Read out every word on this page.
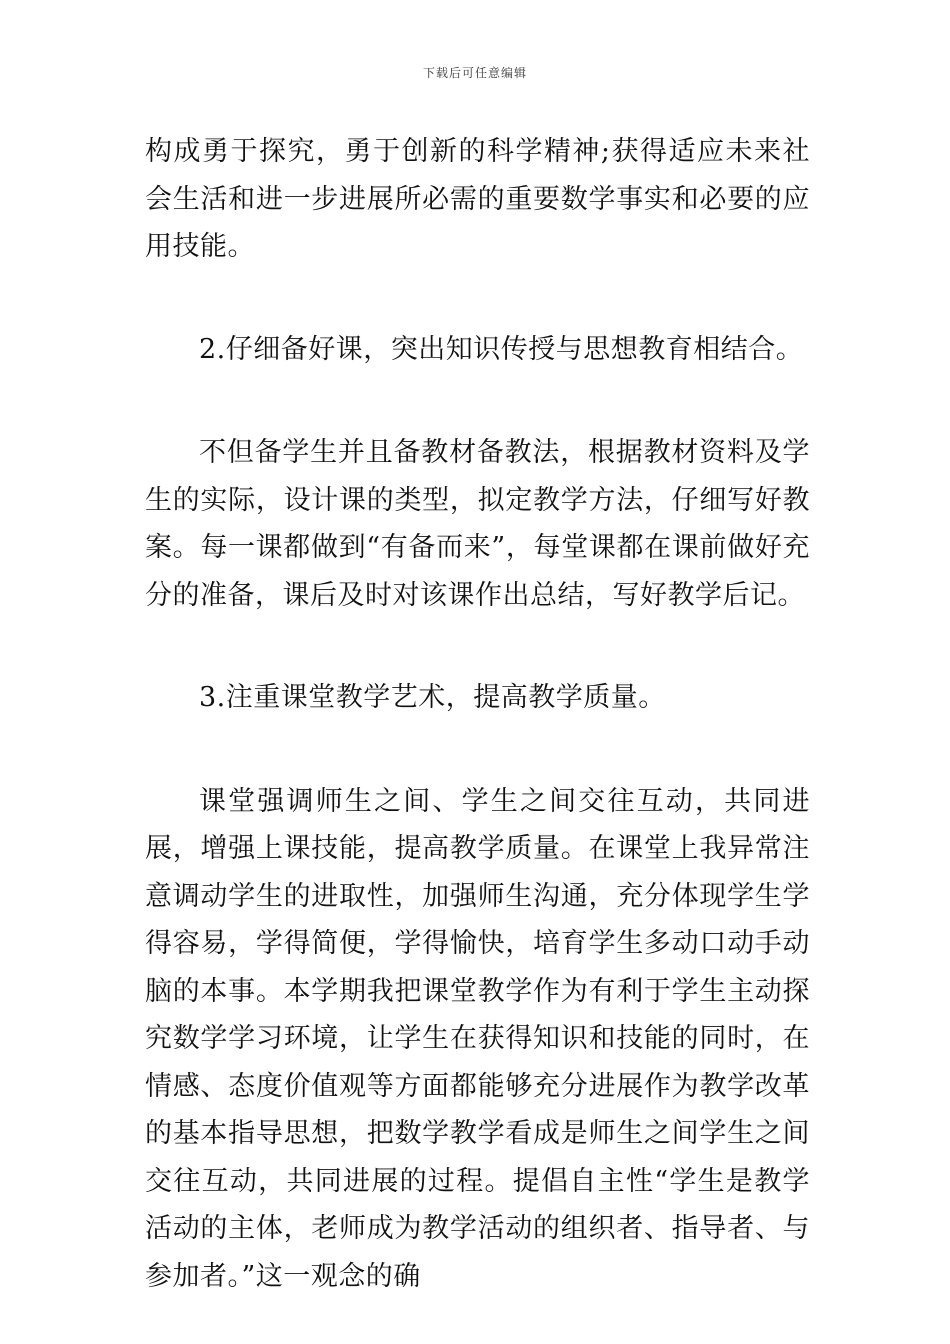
下载后可任意编辑

构成勇于探究，勇于创新的科学精神;获得适应未来社会生活和进一步进展所必需的重要数学事实和必要的应用技能。

2.仔细备好课，突出知识传授与思想教育相结合。

不但备学生并且备教材备教法，根据教材资料及学生的实际，设计课的类型，拟定教学方法，仔细写好教案。每一课都做到“有备而来”，每堂课都在课前做好充分的准备，课后及时对该课作出总结，写好教学后记。

3.注重课堂教学艺术，提高教学质量。

课堂强调师生之间、学生之间交往互动，共同进展，增强上课技能，提高教学质量。在课堂上我异常注意调动学生的进取性，加强师生沟通，充分体现学生学得容易，学得简便，学得愉快，培育学生多动口动手动脑的本事。本学期我把课堂教学作为有利于学生主动探究数学学习环境，让学生在获得知识和技能的同时，在情感、态度价值观等方面都能够充分进展作为教学改革的基本指导思想，把数学教学看成是师生之间学生之间交往互动，共同进展的过程。提倡自主性“学生是教学活动的主体，老师成为教学活动的组织者、指导者、与参加者。”这一观念的确
